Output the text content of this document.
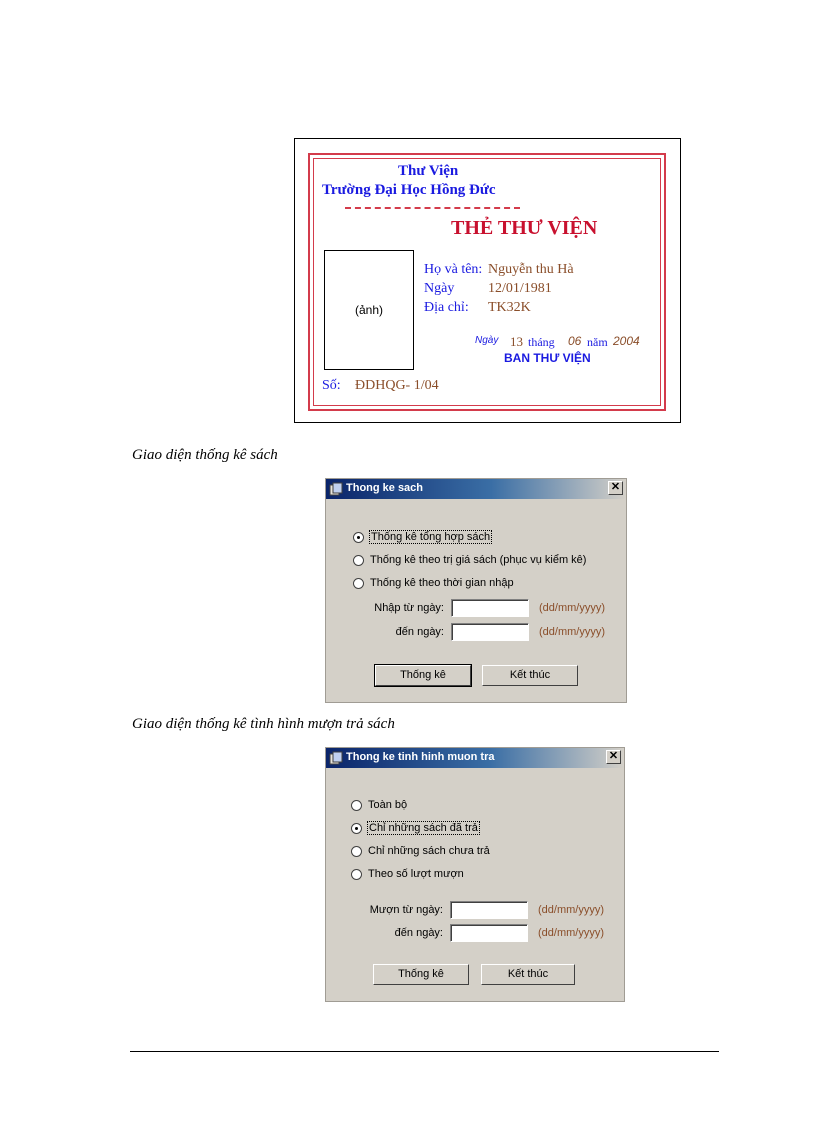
Thư Viện
Trường Đại Học Hồng Đức
THẺ THƯ VIỆN
(ảnh)
Họ và tên: Nguyễn thu Hà
Ngày 12/01/1981
Địa chỉ: TK32K
Ngày 13 tháng 06 năm 2004
BAN THƯ VIỆN
Số: ĐDHQG- 1/04
Giao diện thống kê sách
Thong ke sach	✕
Thống kê tổng hợp sách
Thống kê theo trị giá sách (phục vụ kiểm kê)
Thống kê theo thời gian nhập
Nhập từ ngày:	(dd/mm/yyyy)
đến ngày:	(dd/mm/yyyy)
Thống kê	Kết thúc
Giao diện thống kê tình hình mượn trả sách
Thong ke tinh hinh muon tra	✕
Toàn bộ
Chỉ những sách đã trả
Chỉ những sách chưa trả
Theo số lượt mượn
Mượn từ ngày:	(dd/mm/yyyy)
đến ngày:	(dd/mm/yyyy)
Thống kê	Kết thúc
